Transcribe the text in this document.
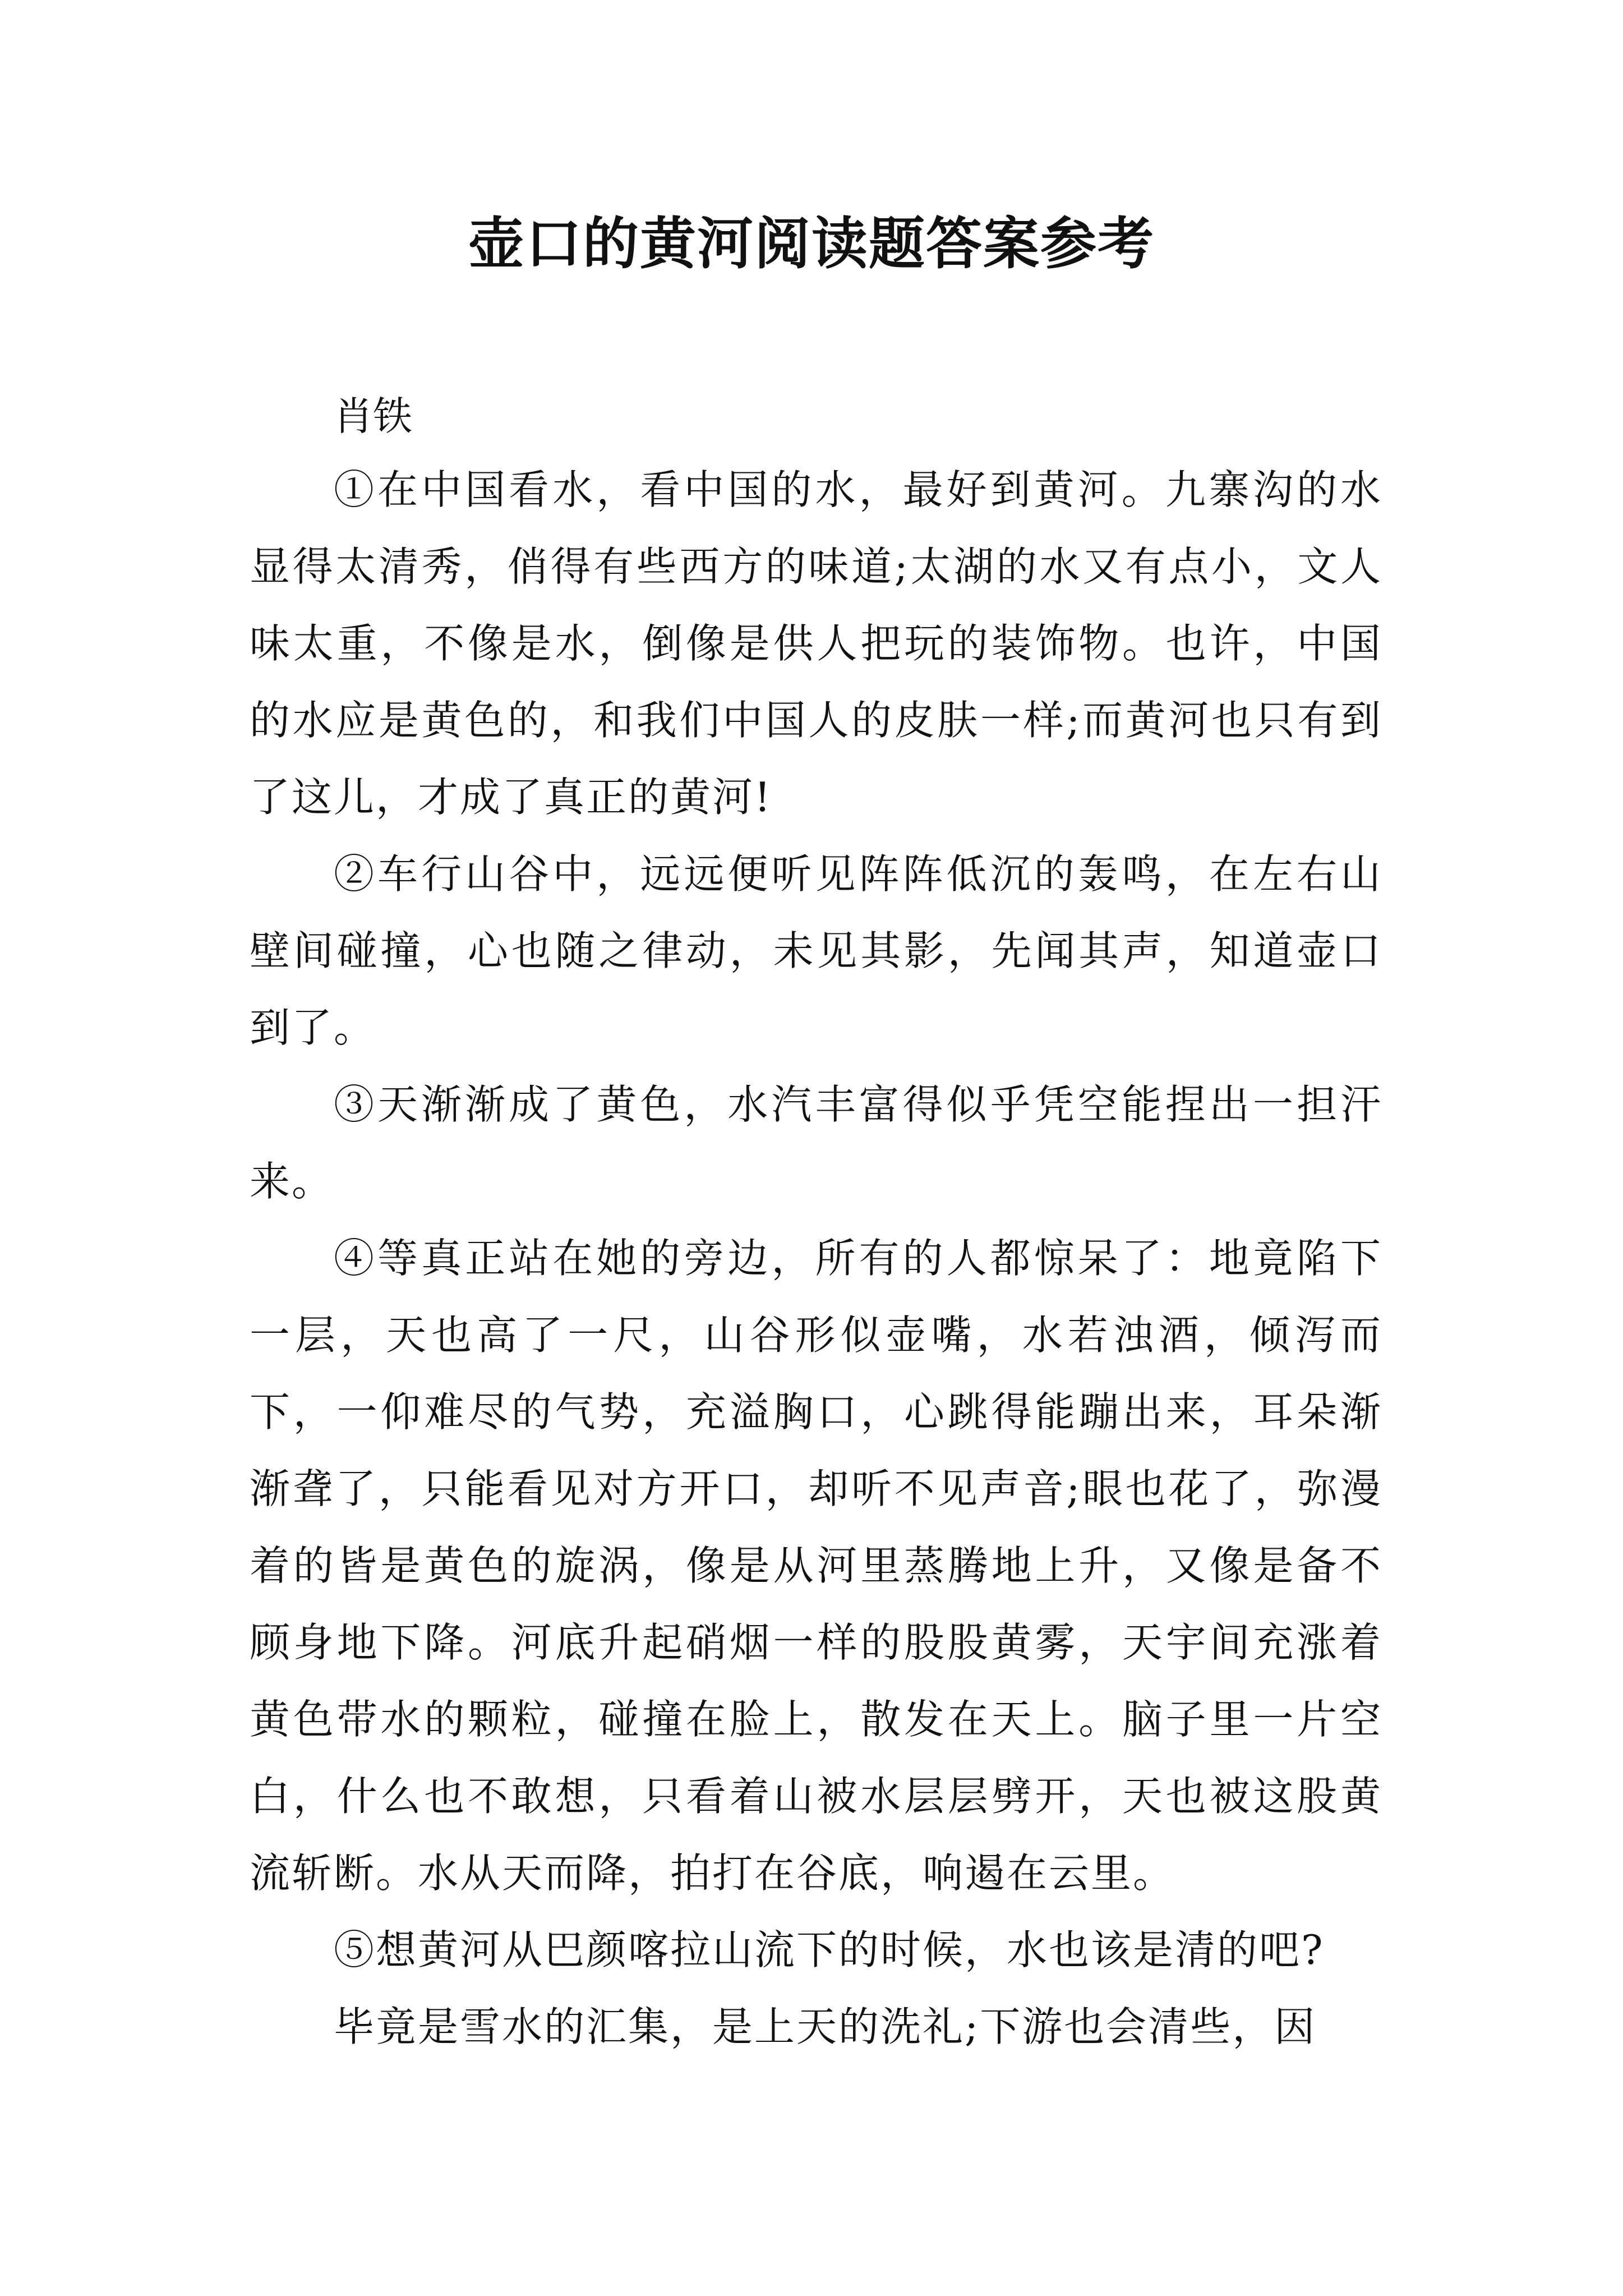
壶口的黄河阅读题答案参考

肖铁

①在中国看水，看中国的水，最好到黄河。九寨沟的水显得太清秀，俏得有些西方的味道;太湖的水又有点小，文人味太重，不像是水，倒像是供人把玩的装饰物。也许，中国的水应是黄色的，和我们中国人的皮肤一样;而黄河也只有到了这儿，才成了真正的黄河!

②车行山谷中，远远便听见阵阵低沉的轰鸣，在左右山壁间碰撞，心也随之律动，未见其影，先闻其声，知道壶口到了。

③天渐渐成了黄色，水汽丰富得似乎凭空能捏出一担汗来。

④等真正站在她的旁边，所有的人都惊呆了：地竟陷下一层，天也高了一尺，山谷形似壶嘴，水若浊酒，倾泻而下，一仰难尽的气势，充溢胸口，心跳得能蹦出来，耳朵渐渐聋了，只能看见对方开口，却听不见声音;眼也花了，弥漫着的皆是黄色的旋涡，像是从河里蒸腾地上升，又像是备不顾身地下降。河底升起硝烟一样的股股黄雾，天宇间充涨着黄色带水的颗粒，碰撞在脸上，散发在天上。脑子里一片空白，什么也不敢想，只看着山被水层层劈开，天也被这股黄流斩断。水从天而降，拍打在谷底，响遏在云里。

⑤想黄河从巴颜喀拉山流下的时候，水也该是清的吧?

毕竟是雪水的汇集，是上天的洗礼;下游也会清些，因
